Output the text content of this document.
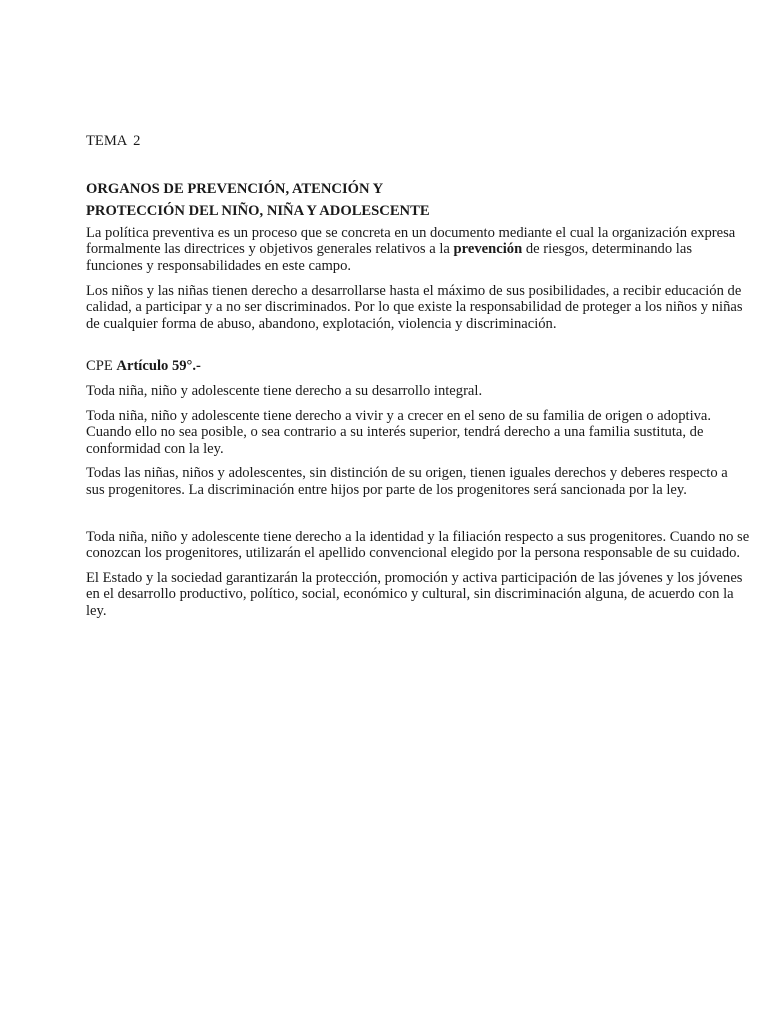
TEMA 2
ORGANOS DE PREVENCIÓN, ATENCIÓN Y
PROTECCIÓN DEL NIÑO, NIÑA Y ADOLESCENTE

La política preventiva es un proceso que se concreta en un documento mediante el cual la organización expresa formalmente las directrices y objetivos generales relativos a la prevención de riesgos, determinando las funciones y responsabilidades en este campo.

Los niños y las niñas tienen derecho a desarrollarse hasta el máximo de sus posibilidades, a recibir educación de calidad, a participar y a no ser discriminados. Por lo que existe la responsabilidad de proteger a los niños y niñas de cualquier forma de abuso, abandono, explotación, violencia y discriminación.

CPE Artículo 59°.-

Toda niña, niño y adolescente tiene derecho a su desarrollo integral.

Toda niña, niño y adolescente tiene derecho a vivir y a crecer en el seno de su familia de origen o adoptiva. Cuando ello no sea posible, o sea contrario a su interés superior, tendrá derecho a una familia sustituta, de conformidad con la ley.

Todas las niñas, niños y adolescentes, sin distinción de su origen, tienen iguales derechos y deberes respecto a sus progenitores. La discriminación entre hijos por parte de los progenitores será sancionada por la ley.

Toda niña, niño y adolescente tiene derecho a la identidad y la filiación respecto a sus progenitores. Cuando no se conozcan los progenitores, utilizarán el apellido convencional elegido por la persona responsable de su cuidado.

El Estado y la sociedad garantizarán la protección, promoción y activa participación de las jóvenes y los jóvenes en el desarrollo productivo, político, social, económico y cultural, sin discriminación alguna, de acuerdo con la ley.
